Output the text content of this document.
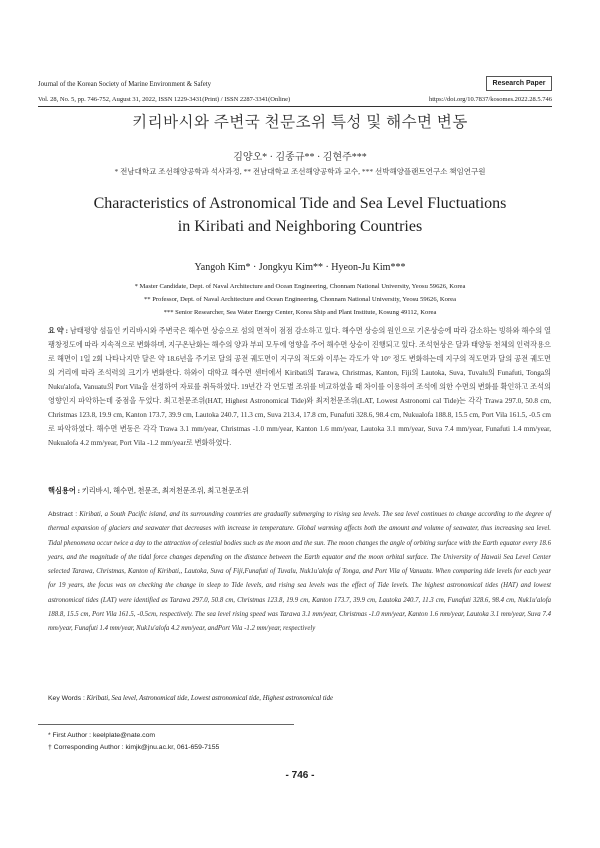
Journal of the Korean Society of Marine Environment & Safety	Research Paper
Vol. 28, No. 5, pp. 746-752, August 31, 2022, ISSN 1229-3431(Print) / ISSN 2287-3341(Online)	https://doi.org/10.7837/kosomes.2022.28.5.746
키리바시와 주변국 천문조위 특성 및 해수면 변동
김양오* · 김종규** · 김현주***
* 전남대학교 조선해양공학과 석사과정, ** 전남대학교 조선해양공학과 교수, *** 선박해양플랜트연구소 책임연구원
Characteristics of Astronomical Tide and Sea Level Fluctuations
in Kiribati and Neighboring Countries
Yangoh Kim* · Jongkyu Kim** · Hyeon-Ju Kim***
* Master Candidate, Dept. of Naval Architecture and Ocean Engineering, Chonnam National University, Yeosu 59626, Korea
** Professor, Dept. of Naval Architecture and Ocean Engineering, Chonnam National University, Yeosu 59626, Korea
*** Senior Researcher, Sea Water Energy Center, Korea Ship and Plant Institute, Kosung 49112, Korea
요 약 : 남태평양 섬들인 키리바시와 주변국은 해수면 상승으로 섬의 면적이 점점 감소하고 있다. 해수면 상승의 원인으로 기온상승에 따라 감소하는 빙하와 해수의 열팽창정도에 따라 지속적으로 변화하며, 지구온난화는 해수의 양과 부피 모두에 영향을 주어 해수면 상승이 진행되고 있다. 조석현상은 달과 태양등 천체의 인력작용으로 해면이 1일 2회 나타나지만 달은 약 18.6년을 주기로 달의 공전 궤도면이 지구의 적도와 이루는 각도가 약 10° 정도 변화하는데 지구의 적도면과 달의 공전 궤도면의 거리에 따라 조석력의 크기가 변화한다. 하와이 대학교 해수면 센터에서 Kiribati의 Tarawa, Christmas, Kanton, Fiji의 Lautoka, Suva, Tuvalu의 Funafuti, Tonga의 Nuku'alofa, Vanuatu의 Port Vila을 선정하여 자료를 취득하였다. 19년간 각 연도별 조위를 비교하였을 때 차이를 이용하여 조석에 의한 수면의 변화를 확인하고 조석의 영향인지 파악하는데 중점을 두었다. 최고천문조위(HAT, Highest Astronomical Tide)와 최저천문조위(LAT, Lowest Astronomi cal Tide)는 각각 Trawa 297.0, 50.8 cm, Christmas 123.8, 19.9 cm, Kanton 173.7, 39.9 cm, Lautoka 240.7, 11.3 cm, Suva 213.4, 17.8 cm, Funafuti 328.6, 98.4 cm, Nukualofa 188.8, 15.5 cm, Port Vila 161.5, -0.5 cm로 파악하였다. 해수면 변동은 각각 Trawa 3.1 mm/year, Christmas -1.0 mm/year, Kanton 1.6 mm/year, Lautoka 3.1 mm/year, Suva 7.4 mm/year, Funafuti 1.4 mm/year, Nukualofa 4.2 mm/year, Port Vila -1.2 mm/year로 변화하였다.
핵심용어 : 키리바시, 해수면, 천문조, 최저천문조위, 최고천문조위
Abstract : Kiribati, a South Pacific island, and its surrounding countries are gradually submerging to rising sea levels. The sea level continues to change according to the degree of thermal expansion of glaciers and seawater that decreases with increase in temperature. Global warming affects both the amount and volume of seawater, thus increasing sea level. Tidal phenomena occur twice a day to the attraction of celestial bodies such as the moon and the sun. The moon changes the angle of orbiting surface with the Earth equator every 18.6 years, and the magnitude of the tidal force changes depending on the distance between the Earth equator and the moon orbital surface. The University of Hawaii Sea Level Center selected Tarawa, Christmas, Kanton of Kiribati,, Lautoka, Suva of Fiji,Funafuti of Tuvalu, Nuk1u'alofa of Tonga, and Port Vila of Vanuatu. When comparing tide levels for each year for 19 years, the focus was on checking the change in sleep to Tide levels, and rising sea levels was the effect of Tide levels. The highest astronomical tides (HAT) and lowest astronomical tides (LAT) were identified as Tarawa 297.0, 50.8 cm, Christmas 123.8, 19.9 cm, Kanton 173.7, 39.9 cm, Lautoka 240.7, 11.3 cm, Funafuti 328.6, 98.4 cm, Nuk1u'alofa 188.8, 15.5 cm, Port Vila 161.5, -0.5cm, respectively. The sea level rising speed was Tarawa 3.1 mm/year, Christmas -1.0 mm/year, Kanton 1.6 mm/year, Lautoka 3.1 mm/year, Suva 7.4 mm/year, Funafuti 1.4 mm/year, Nuk1u'alofa 4.2 mm/year, andPort Vila -1.2 mm/year, respectively
Key Words : Kiribati, Sea level, Astronomical tide, Lowest astronomical tide, Highest astronomical tide
* First Author : keelplate@nate.com
† Corresponding Author : kimjk@jnu.ac.kr, 061-659-7155
- 746 -
